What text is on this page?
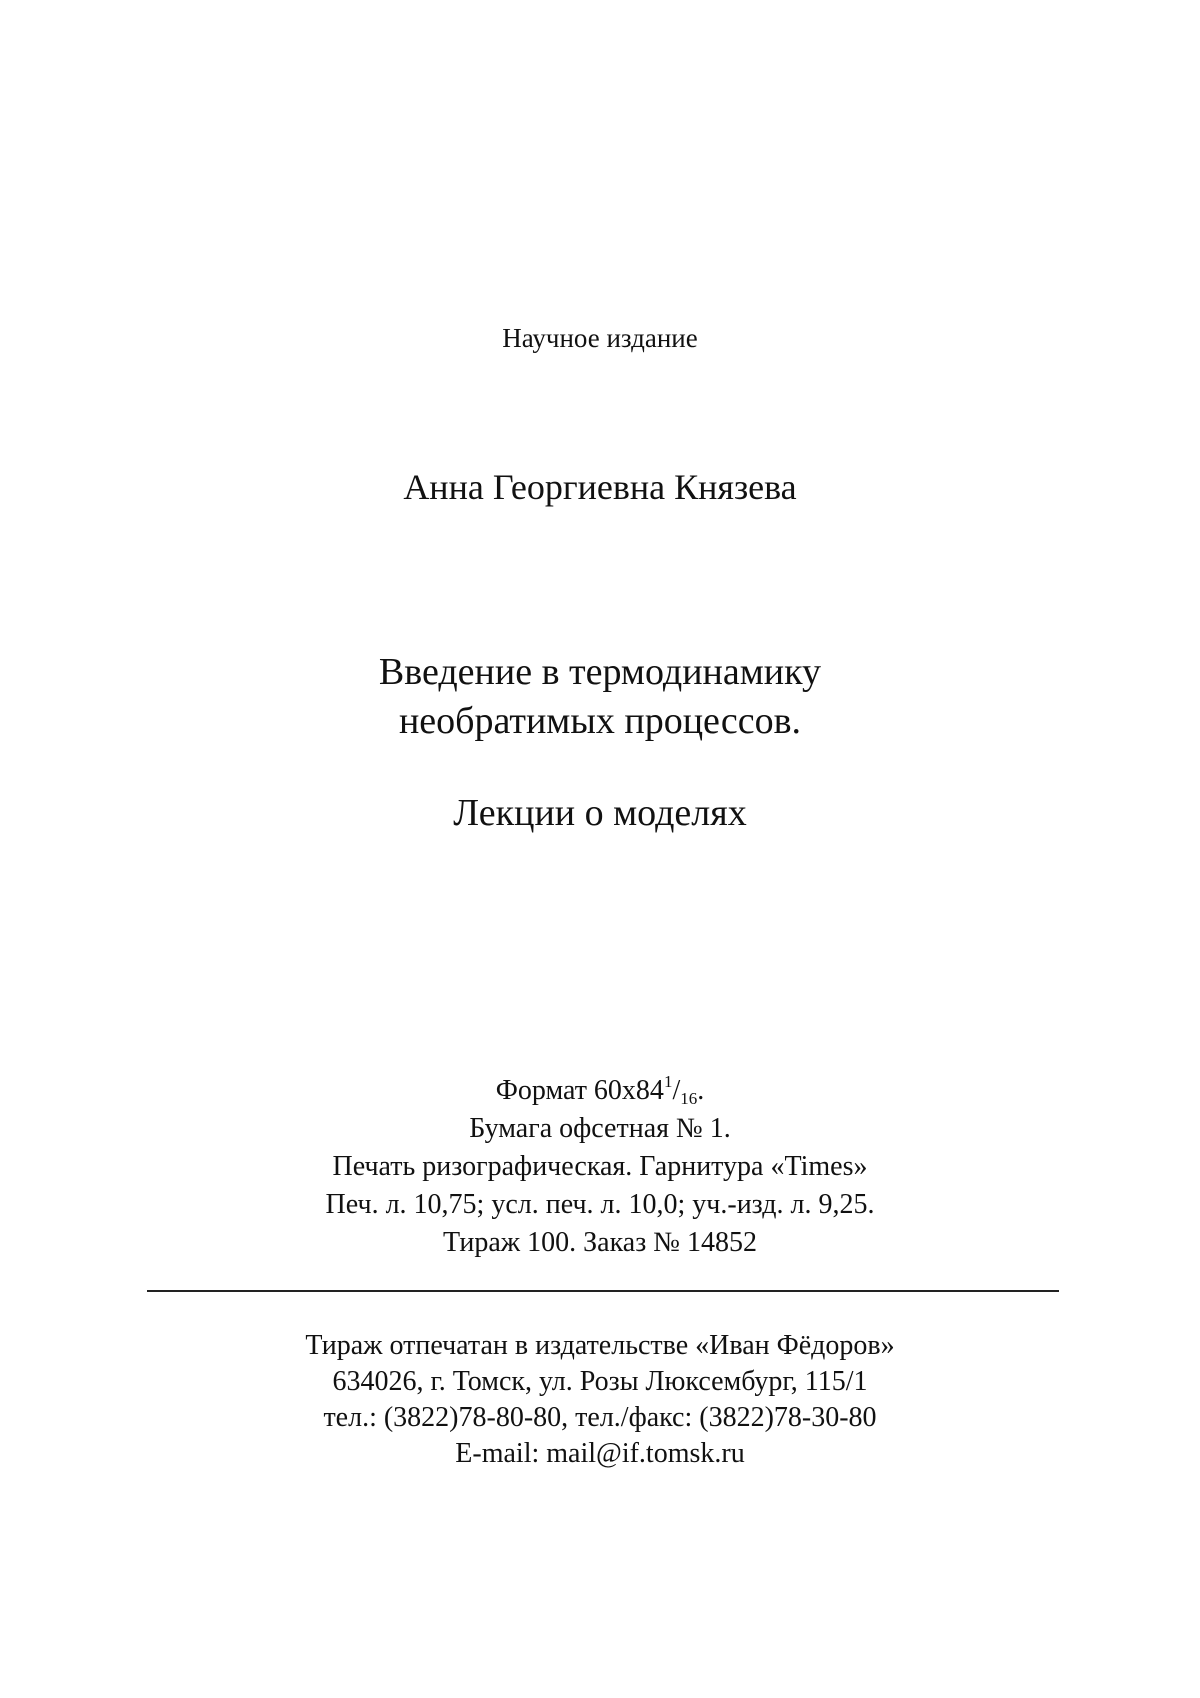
Научное издание
Анна Георгиевна Князева
Введение в термодинамику
необратимых процессов.
Лекции о моделях
Формат $60х84^1/_{16}$.
Бумага офсетная № 1.
Печать ризографическая. Гарнитура «Times»
Печ. л. 10,75; усл. печ. л. 10,0; уч.-изд. л. 9,25.
Тираж 100. Заказ № 14852
Тираж отпечатан в издательстве «Иван Фёдоров»
634026, г. Томск, ул. Розы Люксембург, 115/1
тел.: (3822)78-80-80, тел./факс: (3822)78-30-80
E-mail: mail@if.tomsk.ru
